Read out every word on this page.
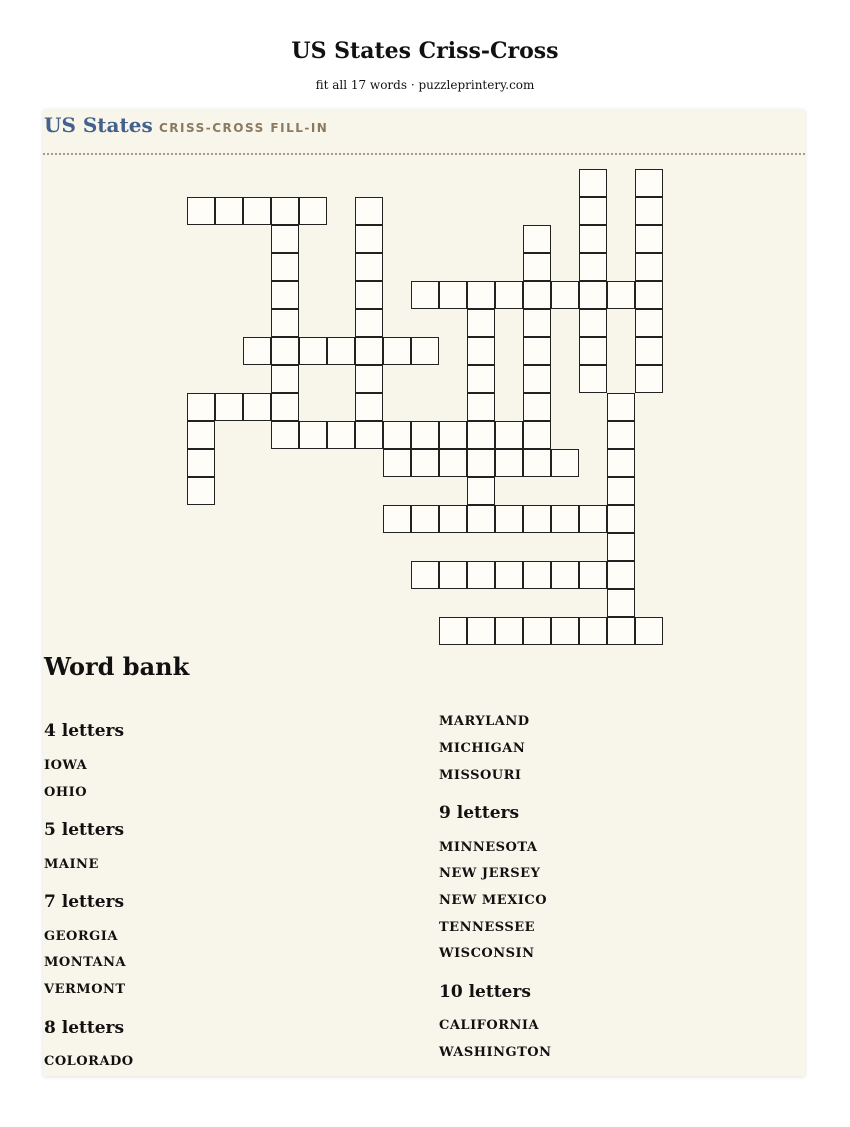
US States Criss-Cross
fit all 17 words · puzzleprintery.com
US States CRISS-CROSS FILL-IN
Word bank
4 letters
IOWA
OHIO
5 letters
MAINE
7 letters
GEORGIA
MONTANA
VERMONT
8 letters
COLORADO
MARYLAND
MICHIGAN
MISSOURI
9 letters
MINNESOTA
NEW JERSEY
NEW MEXICO
TENNESSEE
WISCONSIN
10 letters
CALIFORNIA
WASHINGTON
